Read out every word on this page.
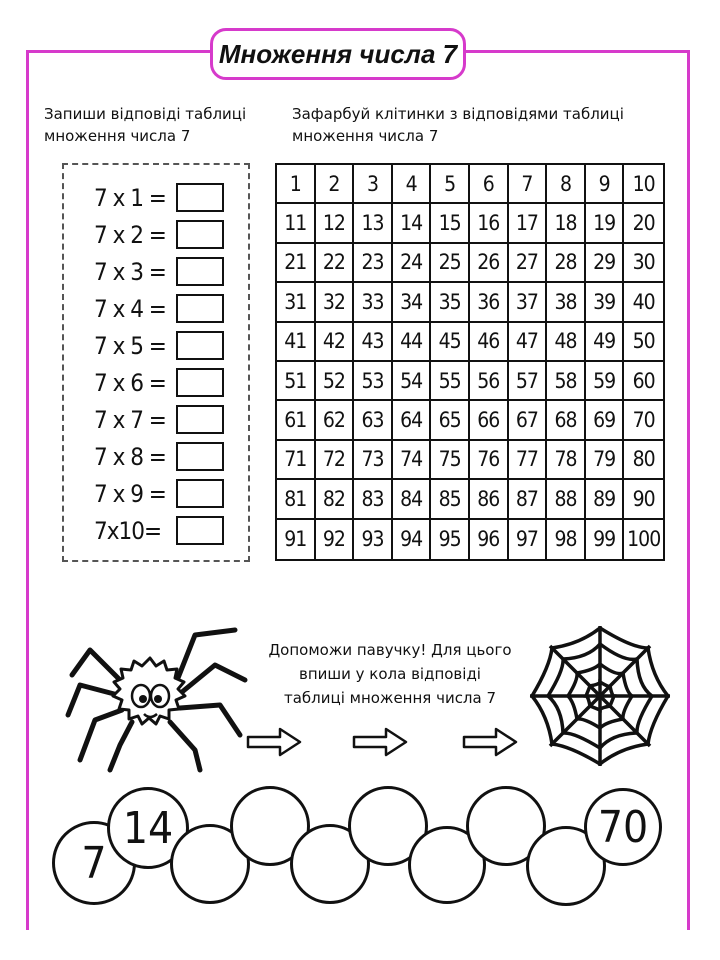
Множення числа 7
Запиши відповіді таблиці множення числа 7
Зафарбуй клітинки з відповідями таблиці множення числа 7
7 x 1 =
7 x 2 =
7 x 3 =
7 x 4 =
7 x 5 =
7 x 6 =
7 x 7 =
7 x 8 =
7 x 9 =
7x10=
1	2	3	4	5	6	7	8	9	10
11 12 13 14 15 16 17 18 19 20
21 22 23 24 25 26 27 28 29 30
31 32 33 34 35 36 37 38 39 40
41 42 43 44 45 46 47 48 49 50
51 52 53 54 55 56 57 58 59 60
61 62 63 64 65 66 67 68 69 70
71 72 73 74 75 76 77 78 79 80
81 82 83 84 85 86 87 88 89 90
91 92 93 94 95 96 97 98 99 100
Допоможи павучку! Для цього
впиши у кола відповіді
таблиці множення числа 7
7
14	70
